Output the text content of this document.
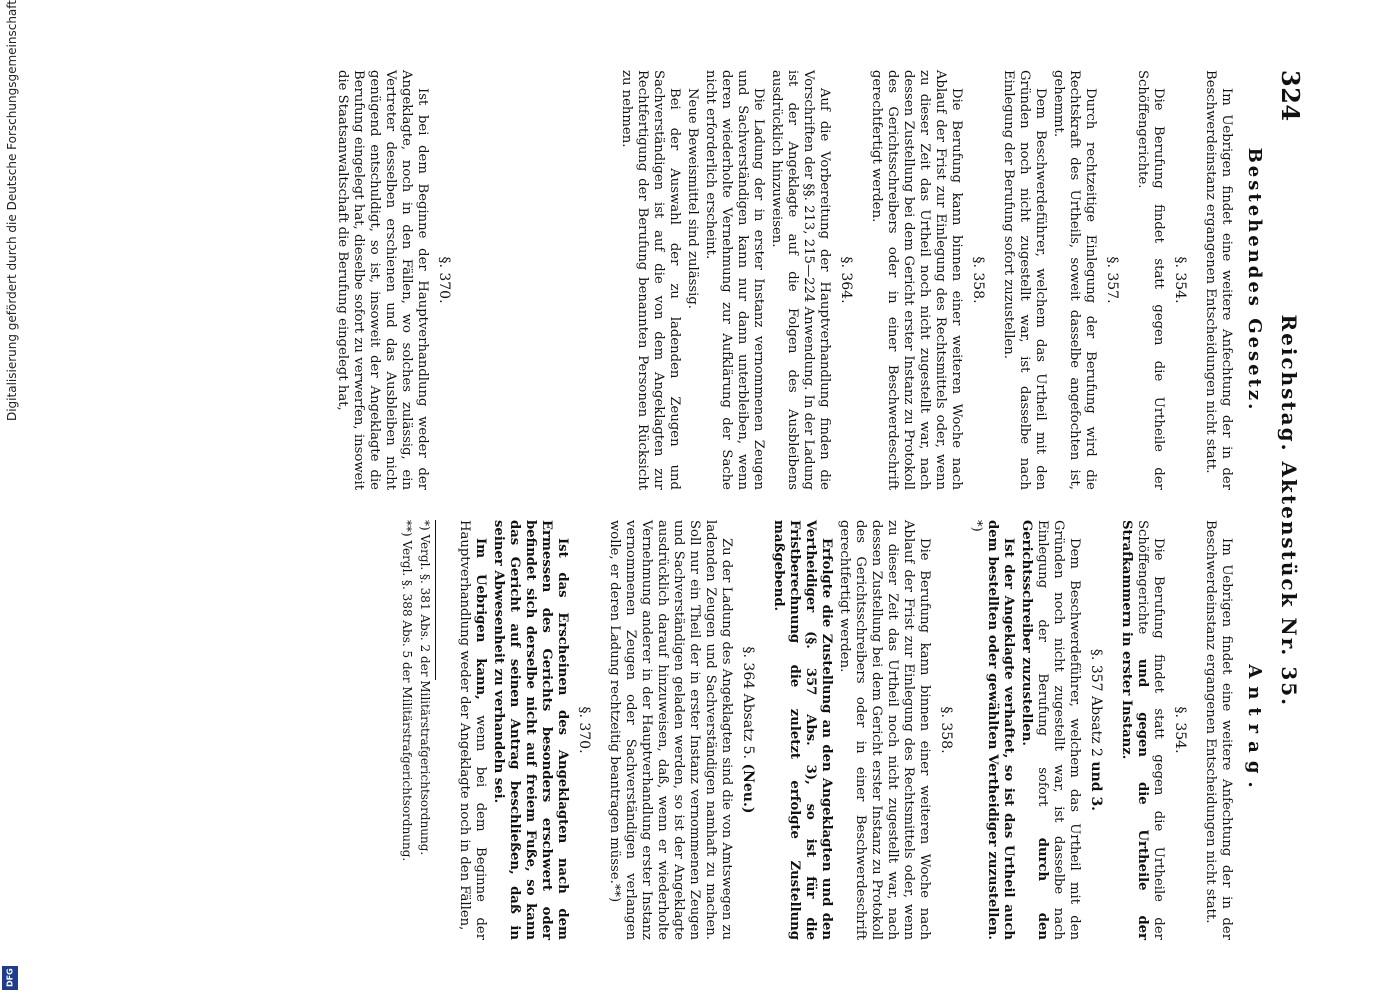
324
Reichstag. Aktenstück Nr. 35.
Bestehendes Gesetz.

Im Uebrigen findet eine weitere Anfechtung der in der Beschwerdeinstanz ergangenen Entscheidungen nicht statt.

§. 354.

Die Berufung findet statt gegen die Urtheile der Schöffengerichte.

§. 357.

Durch rechtzeitige Einlegung der Berufung wird die Rechtskraft des Urtheils, soweit dasselbe angefochten ist, gehemmt.

Dem Beschwerdeführer, welchem das Urtheil mit den Gründen noch nicht zugestellt war, ist dasselbe nach Einlegung der Berufung sofort zuzustellen.

§. 358.

Die Berufung kann binnen einer weiteren Woche nach Ablauf der Frist zur Einlegung des Rechtsmittels oder, wenn zu dieser Zeit das Urtheil noch nicht zugestellt war, nach dessen Zustellung bei dem Gericht erster Instanz zu Protokoll des Gerichtsschreibers oder in einer Beschwerdeschrift gerechtfertigt werden.

§. 364.

Auf die Vorbereitung der Hauptverhandlung finden die Vorschriften der §§. 213, 215—224 Anwendung. In der Ladung ist der Angeklagte auf die Folgen des Ausbleibens ausdrücklich hinzuweisen.

Die Ladung der in erster Instanz vernommenen Zeugen und Sachverständigen kann nur dann unterbleiben, wenn deren wiederholte Vernehmung zur Aufklärung der Sache nicht erforderlich erscheint.

Neue Beweismittel sind zulässig.

Bei der Auswahl der zu ladenden Zeugen und Sachverständigen ist auf die von dem Angeklagten zur Rechtfertigung der Berufung benannten Personen Rücksicht zu nehmen.

§. 370.

Ist bei dem Beginne der Hauptverhandlung weder der Angeklagte, noch in den Fällen, wo solches zulässig, ein Vertreter desselben erschienen und das Ausbleiben nicht genügend entschuldigt, so ist, insoweit der Angeklagte die Berufung eingelegt hat, dieselbe sofort zu verwerfen, insoweit die Staatsanwaltschaft die Berufung eingelegt hat,

Antrag.

Im Uebrigen findet eine weitere Anfechtung der in der Beschwerdeinstanz ergangenen Entscheidungen nicht statt.

§. 354.

Die Berufung findet statt gegen die Urtheile der Schöffengerichte und gegen die Urtheile der Strafkammern in erster Instanz.

§. 357 Absatz 2 und 3.

Dem Beschwerdeführer, welchem das Urtheil mit den Gründen noch nicht zugestellt war, ist dasselbe nach Einlegung der Berufung sofort durch den Gerichtsschreiber zuzustellen.

Ist der Angeklagte verhaftet, so ist das Urtheil auch dem bestellten oder gewählten Vertheidiger zuzustellen. *)

§. 358.

Die Berufung kann binnen einer weiteren Woche nach Ablauf der Frist zur Einlegung des Rechtsmittels oder, wenn zu dieser Zeit das Urtheil noch nicht zugestellt war, nach dessen Zustellung bei dem Gericht erster Instanz zu Protokoll des Gerichtsschreibers oder in einer Beschwerdeschrift gerechtfertigt werden.

Erfolgte die Zustellung an den Angeklagten und den Vertheidiger (§. 357 Abs. 3), so ist für die Fristberechnung die zuletzt erfolgte Zustellung maßgebend.

§. 364 Absatz 5. (Neu.)

Zu der Ladung des Angeklagten sind die von Amtswegen zu ladenden Zeugen und Sachverständigen namhaft zu machen. Soll nur ein Theil der in erster Instanz vernommenen Zeugen und Sachverständigen geladen werden, so ist der Angeklagte ausdrücklich darauf hinzuweisen, daß, wenn er wiederholte Vernehmung anderer in der Hauptverhandlung erster Instanz vernommenen Zeugen oder Sachverständigen verlangen wolle, er deren Ladung rechtzeitig beantragen müsse.**)

§. 370.

Ist das Erscheinen des Angeklagten nach dem Ermessen des Gerichts besonders erschwert oder befindet sich derselbe nicht auf freiem Fuße, so kann das Gericht auf seinen Antrag beschließen, daß in seiner Abwesenheit zu verhandeln sei.

Im Uebrigen kann, wenn bei dem Beginne der Hauptverhandlung weder der Angeklagte noch in den Fällen,

*) Vergl. §. 381 Abs. 2 der Militärstrafgerichtsordnung.

**) Vergl. §. 388 Abs. 5 der Militärstrafgerichtsordnung.

Digitalisierung gefördert durch die Deutsche Forschungsgemeinschaft
DFG
